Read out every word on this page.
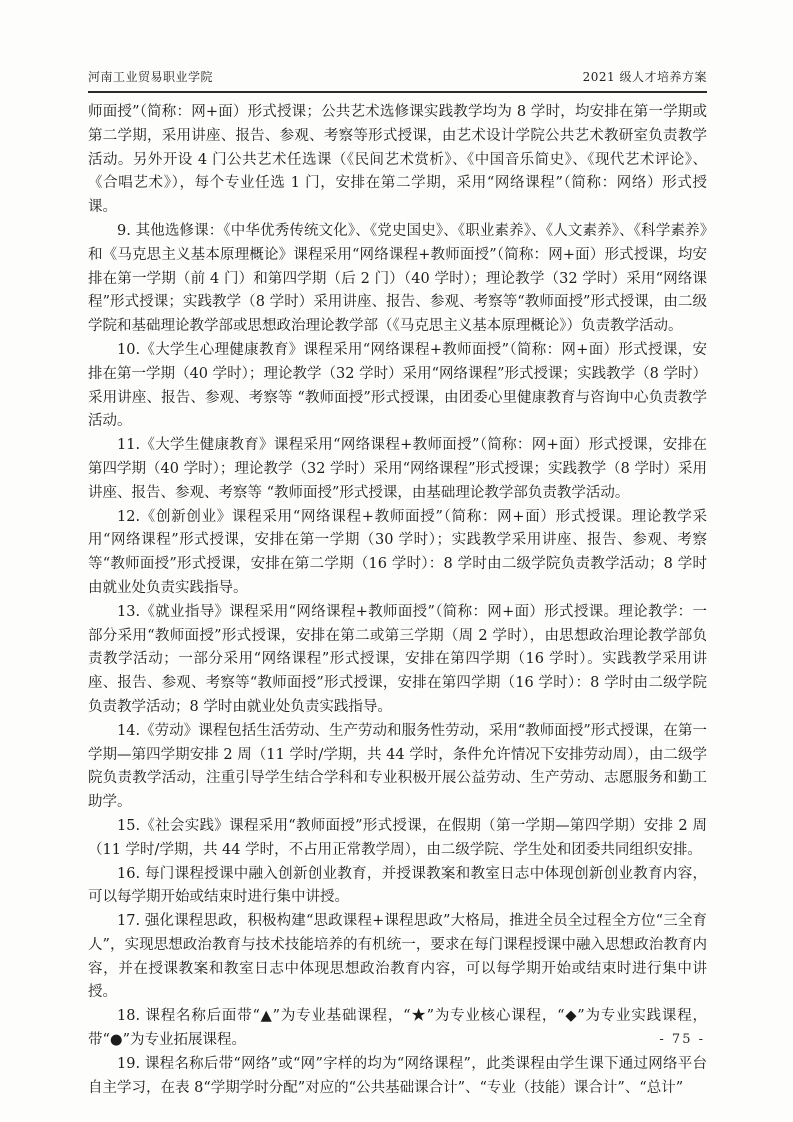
河南工业贸易职业学院	2021 级人才培养方案

师面授”（简称：网+面）形式授课；公共艺术选修课实践教学均为 8 学时，均安排在第一学期或第二学期，采用讲座、报告、参观、考察等形式授课，由艺术设计学院公共艺术教研室负责教学活动。另外开设 4 门公共艺术任选课（《民间艺术赏析》、《中国音乐简史》、《现代艺术评论》、《合唱艺术》），每个专业任选 1 门，安排在第二学期，采用“网络课程”（简称：网络）形式授课。

9. 其他选修课：《中华优秀传统文化》、《党史国史》、《职业素养》、《人文素养》、《科学素养》和《马克思主义基本原理概论》课程采用“网络课程+教师面授”（简称：网+面）形式授课，均安排在第一学期（前 4 门）和第四学期（后 2 门）（40 学时）；理论教学（32 学时）采用“网络课程”形式授课；实践教学（8 学时）采用讲座、报告、参观、考察等“教师面授”形式授课，由二级学院和基础理论教学部或思想政治理论教学部（《马克思主义基本原理概论》）负责教学活动。

10.《大学生心理健康教育》课程采用“网络课程+教师面授”（简称：网+面）形式授课，安排在第一学期（40 学时）；理论教学（32 学时）采用“网络课程”形式授课；实践教学（8 学时）采用讲座、报告、参观、考察等 “教师面授”形式授课，由团委心里健康教育与咨询中心负责教学活动。

11.《大学生健康教育》课程采用“网络课程+教师面授”（简称：网+面）形式授课，安排在第四学期（40 学时）；理论教学（32 学时）采用“网络课程”形式授课；实践教学（8 学时）采用讲座、报告、参观、考察等 “教师面授”形式授课，由基础理论教学部负责教学活动。

12.《创新创业》课程采用“网络课程+教师面授”（简称：网+面）形式授课。理论教学采用“网络课程”形式授课，安排在第一学期（30 学时）；实践教学采用讲座、报告、参观、考察等“教师面授”形式授课，安排在第二学期（16 学时）：8 学时由二级学院负责教学活动；8 学时由就业处负责实践指导。

13.《就业指导》课程采用“网络课程+教师面授”（简称：网+面）形式授课。理论教学：一部分采用“教师面授”形式授课，安排在第二或第三学期（周 2 学时），由思想政治理论教学部负责教学活动；一部分采用“网络课程”形式授课，安排在第四学期（16 学时）。实践教学采用讲座、报告、参观、考察等“教师面授”形式授课，安排在第四学期（16 学时）：8 学时由二级学院负责教学活动；8 学时由就业处负责实践指导。

14.《劳动》课程包括生活劳动、生产劳动和服务性劳动，采用“教师面授”形式授课，在第一学期—第四学期安排 2 周（11 学时/学期，共 44 学时，条件允许情况下安排劳动周），由二级学院负责教学活动，注重引导学生结合学科和专业积极开展公益劳动、生产劳动、志愿服务和勤工助学。

15.《社会实践》课程采用“教师面授”形式授课，在假期（第一学期—第四学期）安排 2 周（11 学时/学期，共 44 学时，不占用正常教学周），由二级学院、学生处和团委共同组织安排。

16. 每门课程授课中融入创新创业教育，并授课教案和教室日志中体现创新创业教育内容，可以每学期开始或结束时进行集中讲授。

17. 强化课程思政，积极构建“思政课程+课程思政”大格局，推进全员全过程全方位“三全育人”，实现思想政治教育与技术技能培养的有机统一，要求在每门课程授课中融入思想政治教育内容，并在授课教案和教室日志中体现思想政治教育内容，可以每学期开始或结束时进行集中讲授。

18. 课程名称后面带“▲”为专业基础课程，“★”为专业核心课程，“◆”为专业实践课程，带“●”为专业拓展课程。

19. 课程名称后带“网络”或“网”字样的均为“网络课程”，此类课程由学生课下通过网络平台自主学习，在表 8“学期学时分配”对应的“公共基础课合计”、“专业（技能）课合计”、“总计”

- 75 -
